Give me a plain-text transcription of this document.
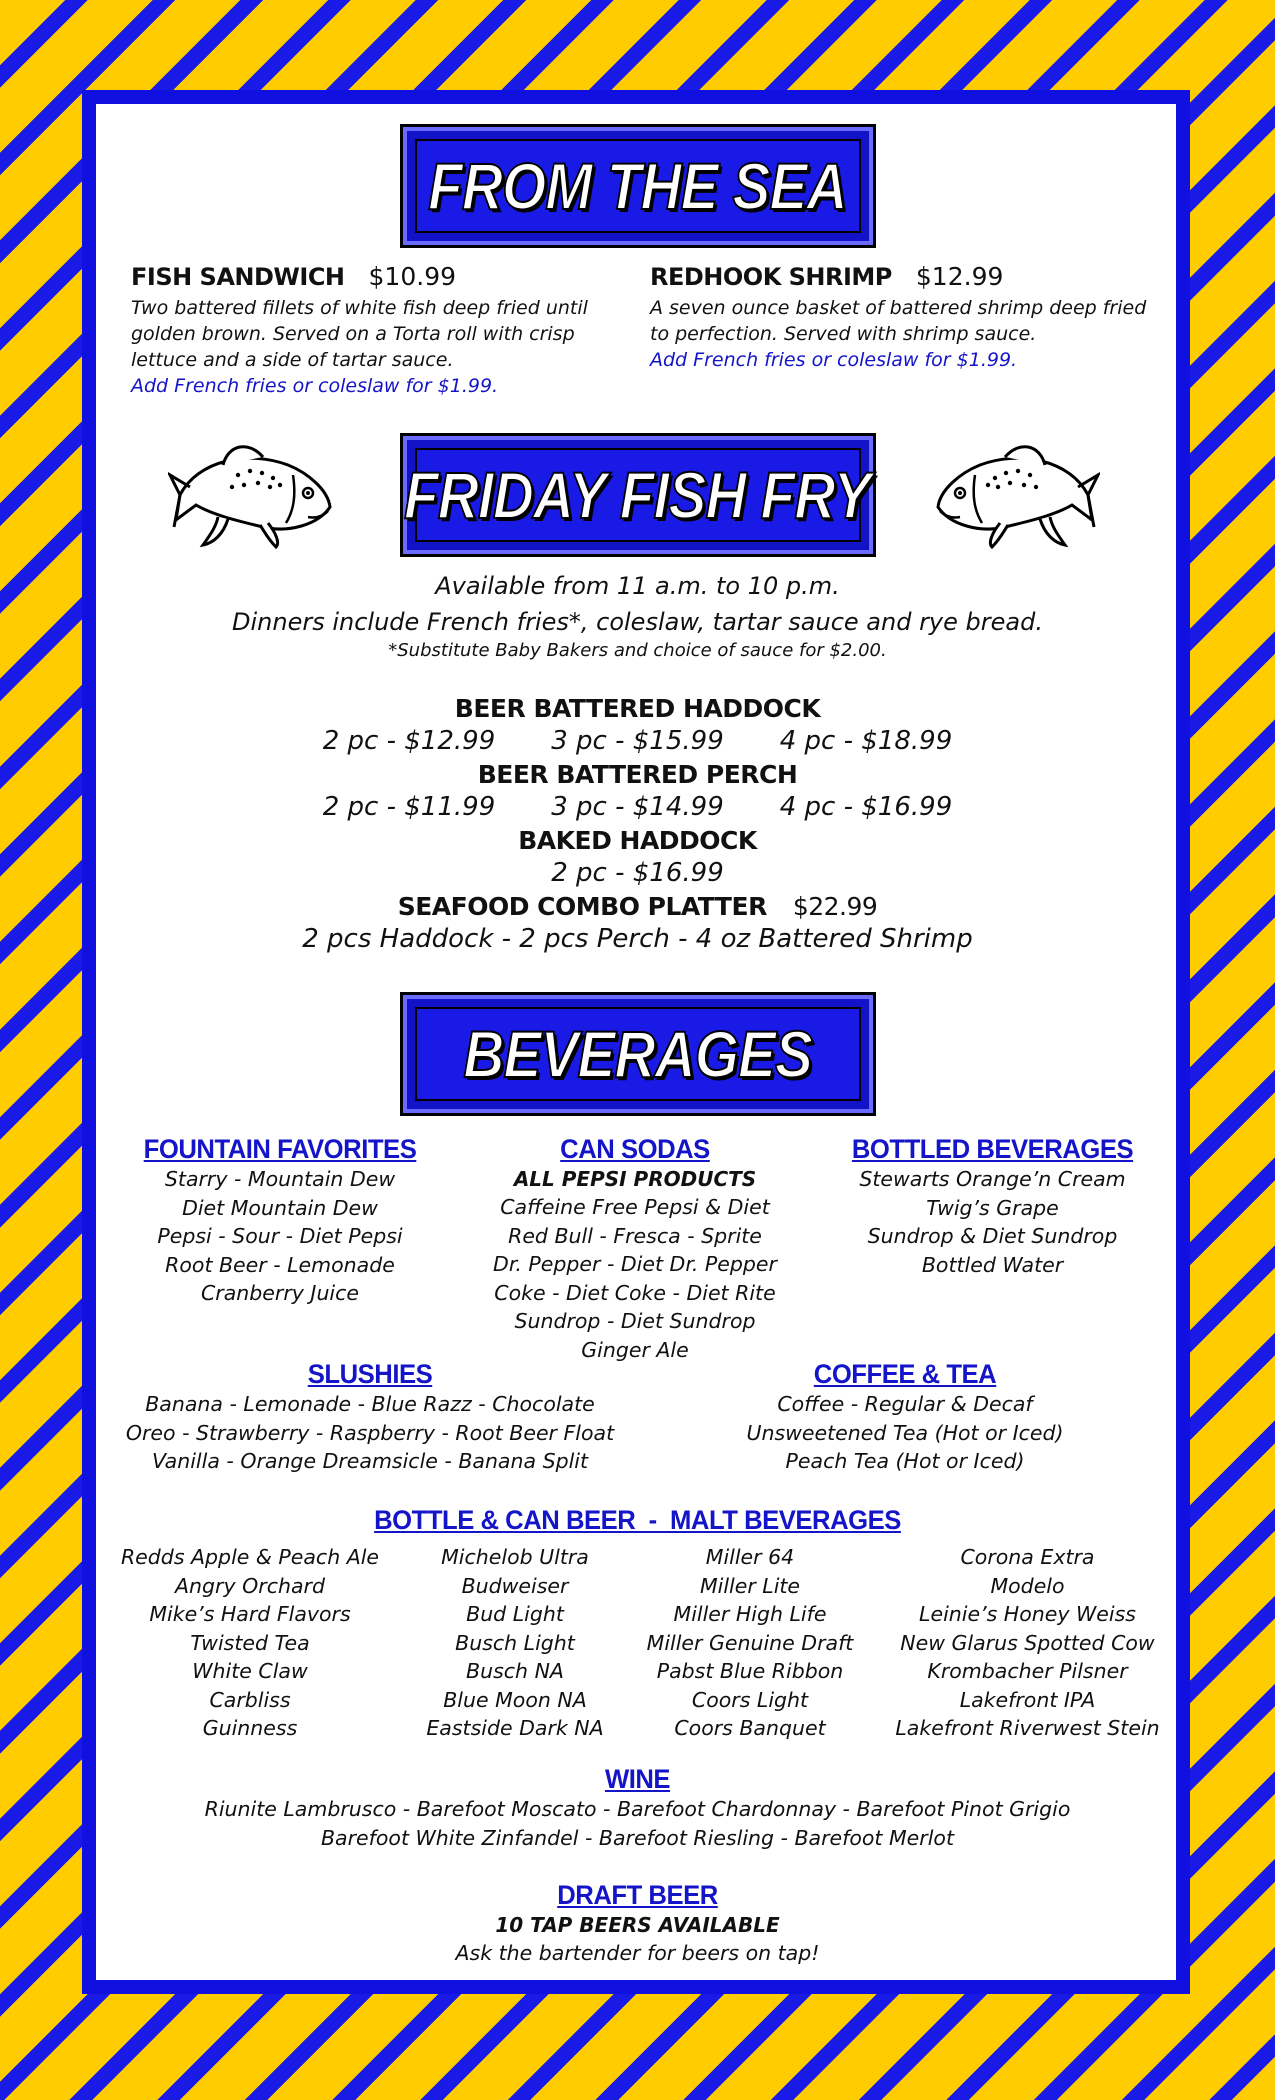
FROM THE SEA
FISH SANDWICH $10.99
Two battered fillets of white fish deep fried until
golden brown. Served on a Torta roll with crisp
lettuce and a side of tartar sauce.
Add French fries or coleslaw for $1.99.
REDHOOK SHRIMP $12.99
A seven ounce basket of battered shrimp deep fried
to perfection. Served with shrimp sauce.
Add French fries or coleslaw for $1.99.
FRIDAY FISH FRY
Available from 11 a.m. to 10 p.m.
Dinners include French fries*, coleslaw, tartar sauce and rye bread.
*Substitute Baby Bakers and choice of sauce for $2.00.
BEER BATTERED HADDOCK
2 pc - $12.99 3 pc - $15.99 4 pc - $18.99
BEER BATTERED PERCH
2 pc - $11.99 3 pc - $14.99 4 pc - $16.99
BAKED HADDOCK
2 pc - $16.99
SEAFOOD COMBO PLATTER $22.99
2 pcs Haddock - 2 pcs Perch - 4 oz Battered Shrimp
BEVERAGES
FOUNTAIN FAVORITES
Starry - Mountain Dew
Diet Mountain Dew
Pepsi - Sour - Diet Pepsi
Root Beer - Lemonade
Cranberry Juice
CAN SODAS
ALL PEPSI PRODUCTS
Caffeine Free Pepsi & Diet
Red Bull - Fresca - Sprite
Dr. Pepper - Diet Dr. Pepper
Coke - Diet Coke - Diet Rite
Sundrop - Diet Sundrop
Ginger Ale
BOTTLED BEVERAGES
Stewarts Orange’n Cream
Twig’s Grape
Sundrop & Diet Sundrop
Bottled Water
SLUSHIES
Banana - Lemonade - Blue Razz - Chocolate
Oreo - Strawberry - Raspberry - Root Beer Float
Vanilla - Orange Dreamsicle - Banana Split
COFFEE & TEA
Coffee - Regular & Decaf
Unsweetened Tea (Hot or Iced)
Peach Tea (Hot or Iced)
BOTTLE & CAN BEER  -  MALT BEVERAGES
Redds Apple & Peach Ale
Angry Orchard
Mike’s Hard Flavors
Twisted Tea
White Claw
Carbliss
Guinness
Michelob Ultra
Budweiser
Bud Light
Busch Light
Busch NA
Blue Moon NA
Eastside Dark NA
Miller 64
Miller Lite
Miller High Life
Miller Genuine Draft
Pabst Blue Ribbon
Coors Light
Coors Banquet
Corona Extra
Modelo
Leinie’s Honey Weiss
New Glarus Spotted Cow
Krombacher Pilsner
Lakefront IPA
Lakefront Riverwest Stein
WINE
Riunite Lambrusco - Barefoot Moscato - Barefoot Chardonnay - Barefoot Pinot Grigio
Barefoot White Zinfandel - Barefoot Riesling - Barefoot Merlot
DRAFT BEER
10 TAP BEERS AVAILABLE
Ask the bartender for beers on tap!
